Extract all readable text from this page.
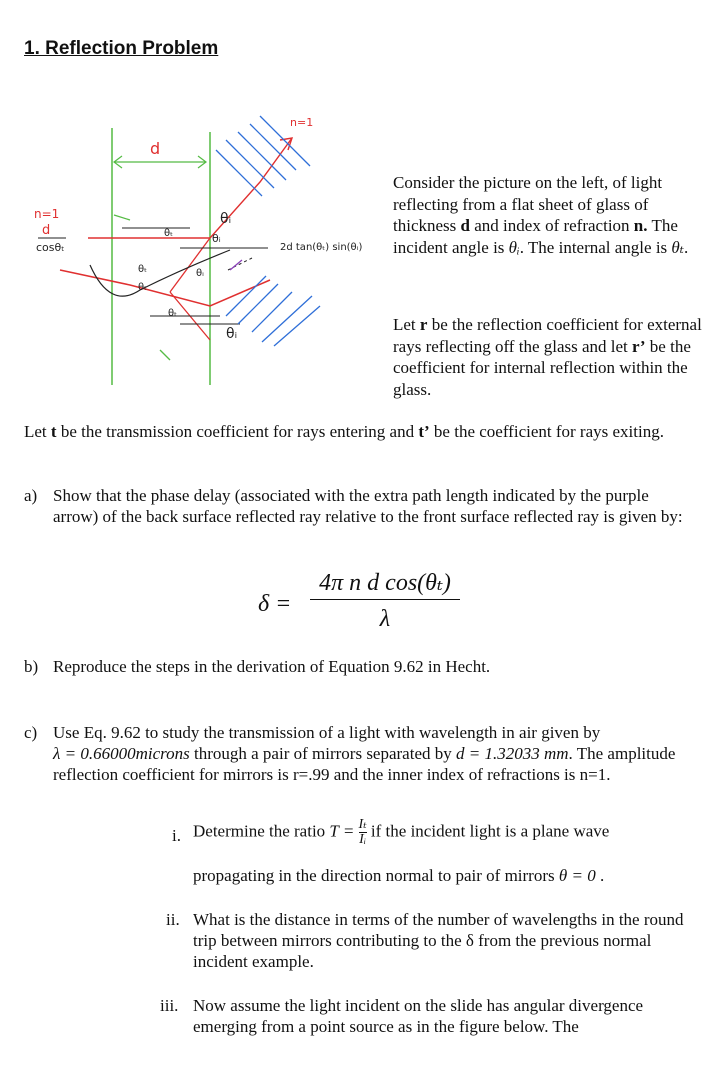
1. Reflection Problem
d
n=1
n=1
d
cosθₜ
θᵢ
θₜ	θᵢ
θₜ
θₜ
θᵢ
θₜ
θᵢ
2d tan(θₜ) sin(θᵢ)
Consider the picture on the left, of light reflecting from a flat sheet of glass of thickness d and index of refraction n. The incident angle is θᵢ. The internal angle is θₜ.
Let r be the reflection coefficient for external rays reflecting off the glass and let r’ be the coefficient for internal reflection within the glass.
Let t be the transmission coefficient for rays entering and t’ be the coefficient for rays exiting.
a) Show that the phase delay (associated with the extra path length indicated by the purple arrow) of the back surface reflected ray relative to the front surface reflected ray is given by:
δ =
4π n d cos(θₜ)
λ
b) Reproduce the steps in the derivation of Equation 9.62 in Hecht.
c) Use Eq. 9.62 to study the transmission of a light with wavelength in air given by
λ = 0.66000microns through a pair of mirrors separated by d = 1.32033 mm. The amplitude reflection coefficient for mirrors is r=.99 and the inner index of refractions is n=1.
i. Determine the ratio $T = \frac{\text{Iₜ}}{\text{Iᵢ}}$ if the incident light is a plane wave
propagating in the direction normal to pair of mirrors θ = 0 .
ii. What is the distance in terms of the number of wavelengths in the round trip between mirrors contributing to the δ from the previous normal incident example.
iii. Now assume the light incident on the slide has angular divergence emerging from a point source as in the figure below. The
